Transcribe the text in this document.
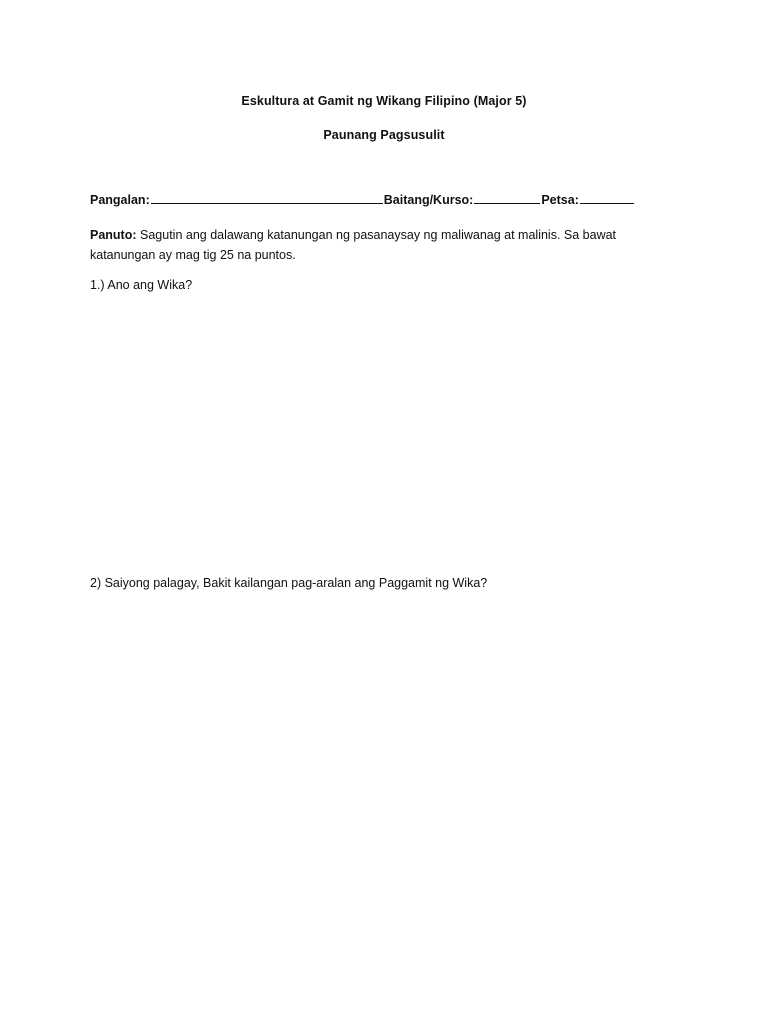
Eskultura at Gamit ng Wikang Filipino (Major 5)
Paunang Pagsusulit
Pangalan:	Baitang/Kurso:	Petsa:
Panuto: Sagutin ang dalawang katanungan ng pasanaysay ng maliwanag at malinis. Sa bawat katanungan ay mag tig 25 na puntos.
1.) Ano ang Wika?
2) Saiyong palagay, Bakit kailangan pag-aralan ang Paggamit ng Wika?
